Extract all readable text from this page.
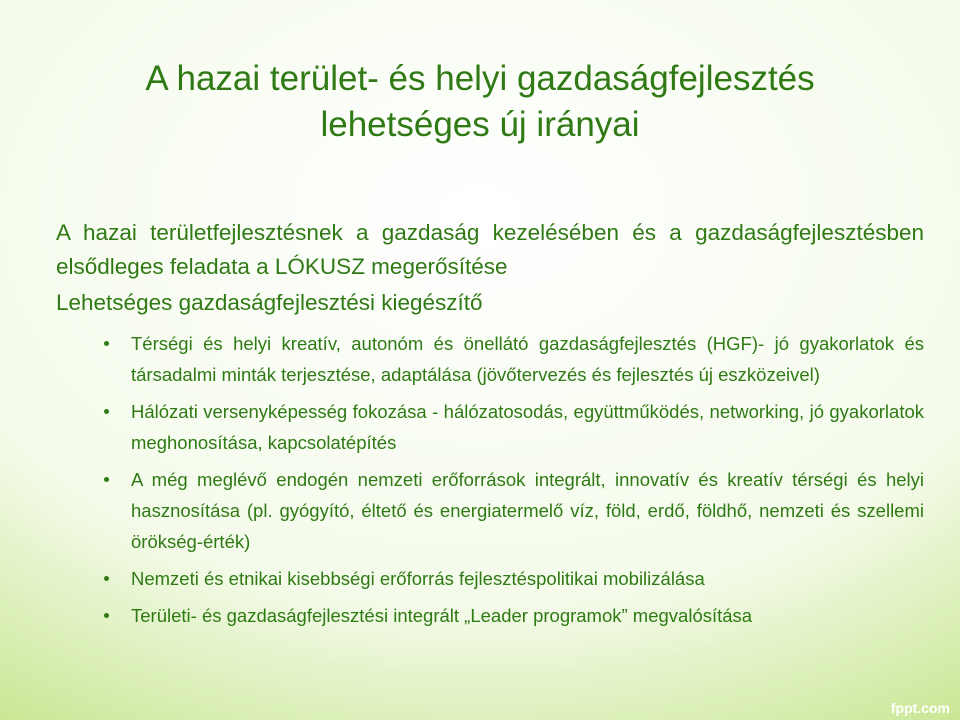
A hazai terület- és helyi gazdaságfejlesztés
lehetséges új irányai

A hazai területfejlesztésnek a gazdaság kezelésében és a gazdaságfejlesztésben elsődleges feladata a LÓKUSZ megerősítése

Lehetséges gazdaságfejlesztési kiegészítő

Térségi és helyi kreatív, autonóm és önellátó gazdaságfejlesztés (HGF)- jó gyakorlatok és társadalmi minták terjesztése, adaptálása (jövőtervezés és fejlesztés új eszközeivel)
Hálózati versenyképesség fokozása - hálózatosodás, együttműködés, networking, jó gyakorlatok meghonosítása, kapcsolatépítés
A még meglévő endogén nemzeti erőforrások integrált, innovatív és kreatív térségi és helyi hasznosítása (pl. gyógyító, éltető és energiatermelő víz, föld, erdő, földhő, nemzeti és szellemi örökség-érték)
Nemzeti és etnikai kisebbségi erőforrás fejlesztéspolitikai mobilizálása
Területi- és gazdaságfejlesztési integrált „Leader programok” megvalósítása
fppt.com
